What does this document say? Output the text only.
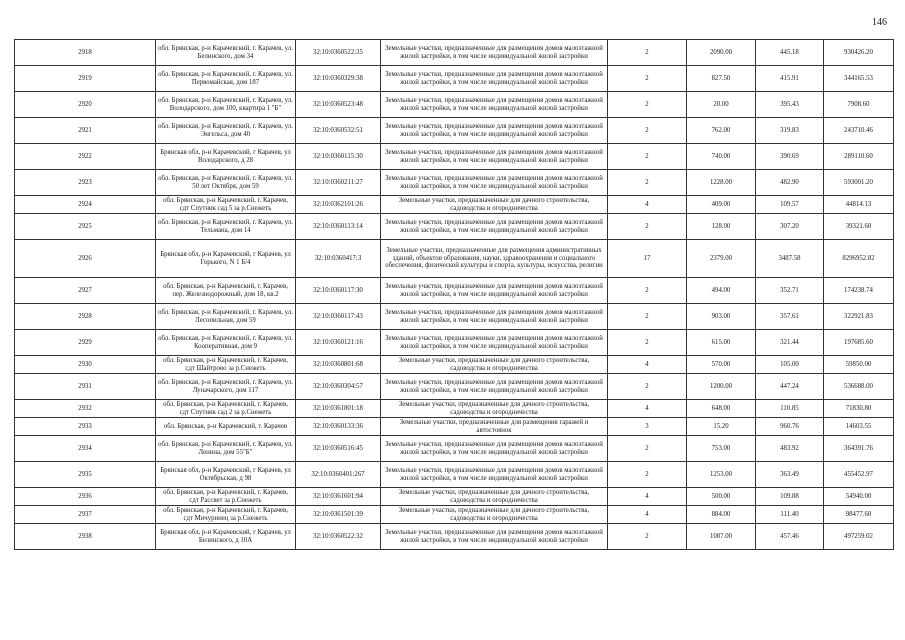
146
2918	обл. Брянская, р-н Карачевский, г. Карачев, ул. Белинского, дом 34	32:10:0360522:35	Земельные участки, предназначенные для размещения домов малоэтажной жилой застройки, в том числе индивидуальной жилой застройки	2	2090.00	445.18	930426.20
2919	обл. Брянская, р-н Карачевский, г. Карачев, ул. Первомайская, дом 187	32:10:0360329:38	Земельные участки, предназначенные для размещения домов малоэтажной жилой застройки, в том числе индивидуальной жилой застройки	2	827.50	415.91	344165.53
2920	обл. Брянская, р-н Карачевский, г. Карачев, ул. Володарского, дом 100, квартира 1 "Б"	32:10:0360523:48	Земельные участки, предназначенные для размещения домов малоэтажной жилой застройки, в том числе индивидуальной жилой застройки	2	20.00	395.43	7908.60
2921	обл. Брянская, р-н Карачевский, г. Карачев, ул. Энгельса, дом 40	32:10:0360532:51	Земельные участки, предназначенные для размещения домов малоэтажной жилой застройки, в том числе индивидуальной жилой застройки	2	762.00	319.83	243710.46
2922	Брянская обл, р-н Карачевский, г Карачев, ул Володарского, д 28	32:10:0360115:30	Земельные участки, предназначенные для размещения домов малоэтажной жилой застройки, в том числе индивидуальной жилой застройки	2	740.00	390.69	289110.60
2923	обл. Брянская, р-н Карачевский, г. Карачев, ул. 50 лет Октября, дом 59	32:10:0360211:27	Земельные участки, предназначенные для размещения домов малоэтажной жилой застройки, в том числе индивидуальной жилой застройки	2	1228.00	482.90	593001.20
2924	обл. Брянская, р-н Карачевский, г. Карачев, сдт Спутник сад 5 за р.Снежеть	32:10:0362101:26	Земельные участки, предназначенные для дачного строительства, садоводства и огородничества	4	409.00	109.57	44814.13
2925	обл. Брянская, р-н Карачевский, г. Карачев, ул. Тельмана, дом 14	32:10:0360113:14	Земельные участки, предназначенные для размещения домов малоэтажной жилой застройки, в том числе индивидуальной жилой застройки	2	128.00	307.20	39321.60
2926	Брянская обл, р-н Карачевский, г Карачев, ул Горького, N 1 Б/4	32:10:0360417:3	Земельные участки, предназначенные для размещения административных зданий, объектов образования, науки, здравоохранения и социального обеспечения, физической культуры и спорта, культуры, искусства, религии	17	2379.00	3487.58	8296952.82
2927	обл. Брянская, р-н Карачевский, г. Карачев, пер. Железнодорожный, дом 18, кв.2	32:10:0360117:30	Земельные участки, предназначенные для размещения домов малоэтажной жилой застройки, в том числе индивидуальной жилой застройки	2	494.00	352.71	174238.74
2928	обл. Брянская, р-н Карачевский, г. Карачев, ул. Лесопильная, дом 59	32:10:0360117:43	Земельные участки, предназначенные для размещения домов малоэтажной жилой застройки, в том числе индивидуальной жилой застройки	2	903.00	357.61	322921.83
2929	обл. Брянская, р-н Карачевский, г. Карачев, ул. Кооперативная, дом 9	32:10:0360121:16	Земельные участки, предназначенные для размещения домов малоэтажной жилой застройки, в том числе индивидуальной жилой застройки	2	615.00	321.44	197685.60
2930	обл. Брянская, р-н Карачевский, г. Карачев, сдт Шайтрово за р.Снежеть	32:10:0360801:68	Земельные участки, предназначенные для дачного строительства, садоводства и огородничества	4	570.00	105.00	59850.00
2931	обл. Брянская, р-н Карачевский, г. Карачев, ул. Луначарского, дом 117	32:10:0360304:57	Земельные участки, предназначенные для размещения домов малоэтажной жилой застройки, в том числе индивидуальной жилой застройки	2	1200.00	447.24	536688.00
2932	обл. Брянская, р-н Карачевский, г. Карачев, сдт Спутник сад 2 за р.Снежеть	32:10:0361801:18	Земельные участки, предназначенные для дачного строительства, садоводства и огородничества	4	648.00	110.85	71830.80
2933	обл. Брянская, р-н Карачевский, г. Карачев	32:10:0360133:36	Земельные участки, предназначенные для размещения гаражей и автостоянок	3	15.20	960.76	14603.55
2934	обл. Брянская, р-н Карачевский, г. Карачев, ул. Ленина, дом 55"Б"	32:10:0360516:45	Земельные участки, предназначенные для размещения домов малоэтажной жилой застройки, в том числе индивидуальной жилой застройки	2	753.00	483.92	364391.76
2935	Брянская обл, р-н Карачевский, г Карачев, ул Октябрьская, д 98	32:10:0360401:267	Земельные участки, предназначенные для размещения домов малоэтажной жилой застройки, в том числе индивидуальной жилой застройки	2	1253.00	363.49	455452.97
2936	обл. Брянская, р-н Карачевский, г. Карачев, сдт Рассвет за р.Снежеть	32:10:0361601:94	Земельные участки, предназначенные для дачного строительства, садоводства и огородничества	4	500.00	109.88	54940.00
2937	обл. Брянская, р-н Карачевский, г. Карачев, сдт Мичуринец за р.Снежеть	32:10:0361501:39	Земельные участки, предназначенные для дачного строительства, садоводства и огородничества	4	884.00	111.40	98477.60
2938	Брянская обл, р-н Карачевский, г Карачев, ул Белинского, д 10А	32:10:0360522:32	Земельные участки, предназначенные для размещения домов малоэтажной жилой застройки, в том числе индивидуальной жилой застройки	2	1087.00	457.46	497259.02
